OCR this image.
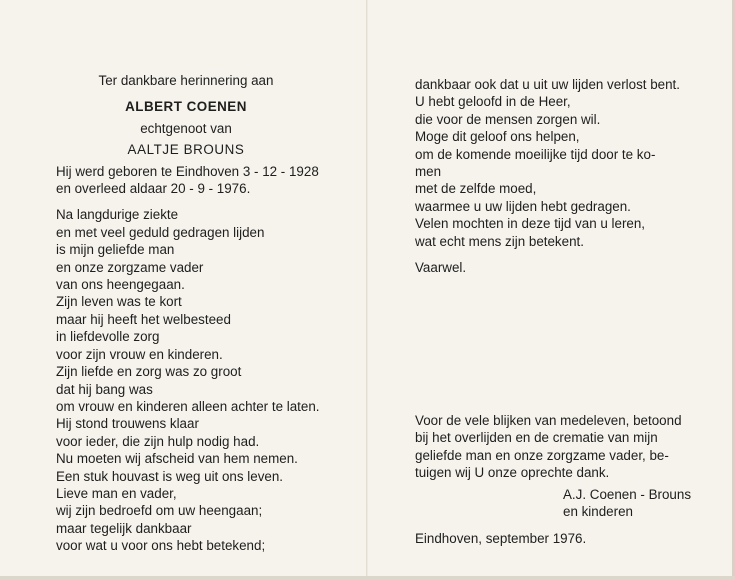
Ter dankbare herinnering aan
ALBERT COENEN
echtgenoot van
AALTJE BROUNS
Hij werd geboren te Eindhoven 3 - 12 - 1928
en overleed aldaar 20 - 9 - 1976.
Na langdurige ziekte
en met veel geduld gedragen lijden
is mijn geliefde man
en onze zorgzame vader
van ons heengegaan.
Zijn leven was te kort
maar hij heeft het welbesteed
in liefdevolle zorg
voor zijn vrouw en kinderen.
Zijn liefde en zorg was zo groot
dat hij bang was
om vrouw en kinderen alleen achter te laten.
Hij stond trouwens klaar
voor ieder, die zijn hulp nodig had.
Nu moeten wij afscheid van hem nemen.
Een stuk houvast is weg uit ons leven.
Lieve man en vader,
wij zijn bedroefd om uw heengaan;
maar tegelijk dankbaar
voor wat u voor ons hebt betekend;
dankbaar ook dat u uit uw lijden verlost bent.
U hebt geloofd in de Heer,
die voor de mensen zorgen wil.
Moge dit geloof ons helpen,
om de komende moeilijke tijd door te ko-
men
met de zelfde moed,
waarmee u uw lijden hebt gedragen.
Velen mochten in deze tijd van u leren,
wat echt mens zijn betekent.
Vaarwel.
Voor de vele blijken van medeleven, betoond
bij het overlijden en de crematie van mijn
geliefde man en onze zorgzame vader, be-
tuigen wij U onze oprechte dank.
A.J. Coenen - Brouns
en kinderen
Eindhoven, september 1976.
